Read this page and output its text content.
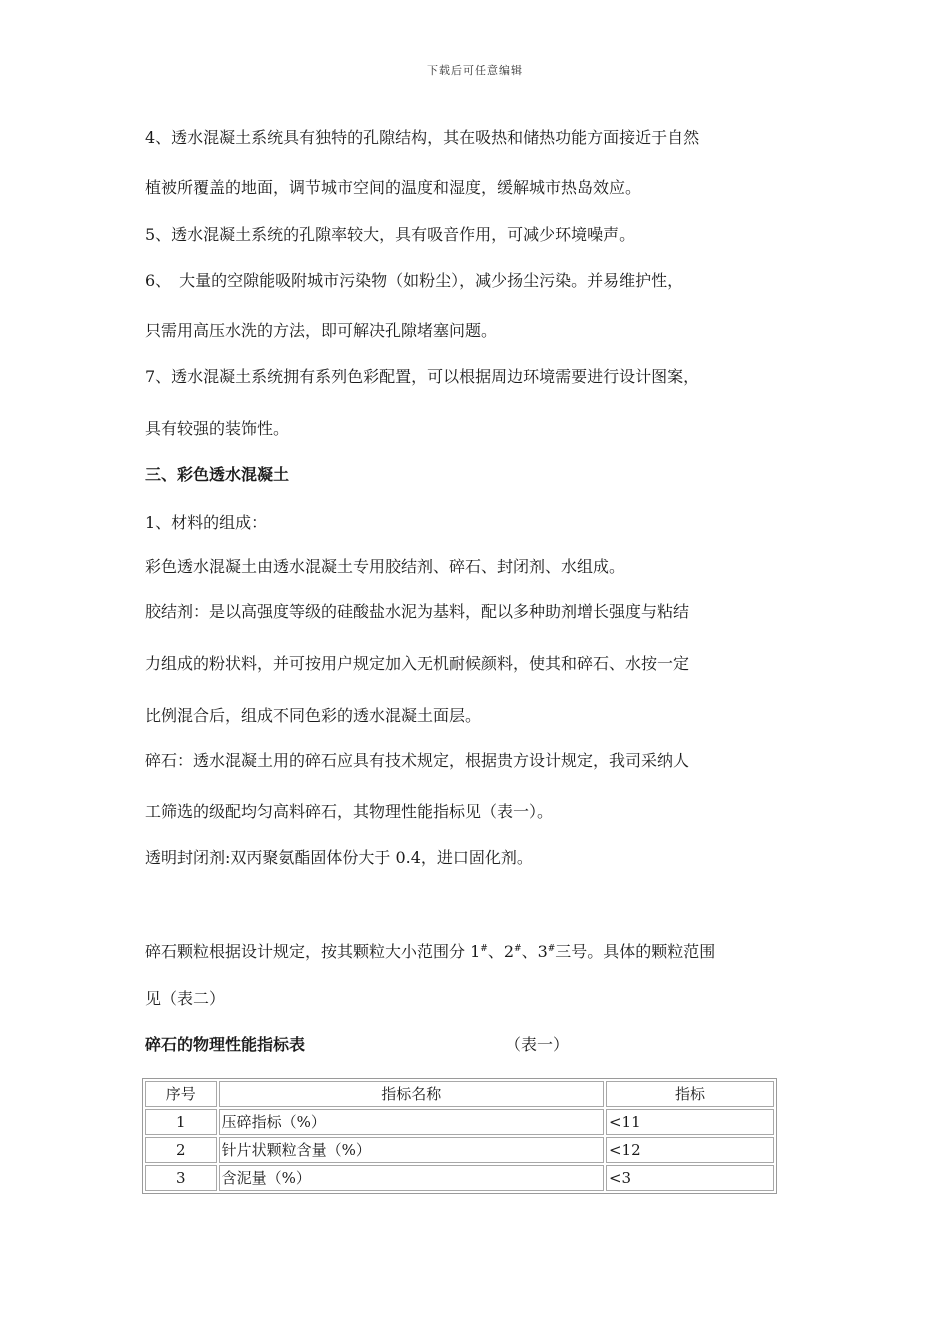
下载后可任意编辑
4、透水混凝土系统具有独特的孔隙结构，其在吸热和储热功能方面接近于自然
植被所覆盖的地面，调节城市空间的温度和湿度，缓解城市热岛效应。
5、透水混凝土系统的孔隙率较大，具有吸音作用，可减少环境噪声。
6、　大量的空隙能吸附城市污染物（如粉尘），减少扬尘污染。并易维护性，
只需用高压水洗的方法，即可解决孔隙堵塞问题。
7、透水混凝土系统拥有系列色彩配置，可以根据周边环境需要进行设计图案，
具有较强的装饰性。
三、彩色透水混凝土
1、材料的组成：
彩色透水混凝土由透水混凝土专用胶结剂、碎石、封闭剂、水组成。
胶结剂：是以高强度等级的硅酸盐水泥为基料，配以多种助剂增长强度与粘结
力组成的粉状料，并可按用户规定加入无机耐候颜料，使其和碎石、水按一定
比例混合后，组成不同色彩的透水混凝土面层。
碎石：透水混凝土用的碎石应具有技术规定，根据贵方设计规定，我司采纳人
工筛选的级配均匀高料碎石，其物理性能指标见（表一）。
透明封闭剂:双丙聚氨酯固体份大于 0.4，进口固化剂。
碎石颗粒根据设计规定，按其颗粒大小范围分 1#、2#、3#三号。具体的颗粒范围
见（表二）
碎石的物理性能指标表	（表一）
序号	指标名称	指标
1	压碎指标（%）	<11
2	针片状颗粒含量（%）	<12
3	含泥量（%）	<3
